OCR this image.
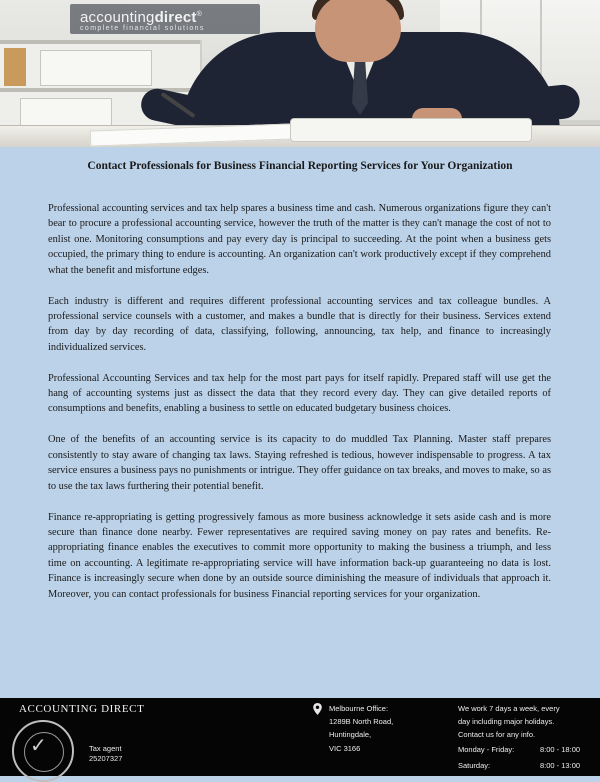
accountingdirect®
complete financial solutions
Contact Professionals for Business Financial Reporting Services for Your Organization

Professional accounting services and tax help spares a business time and cash. Numerous organizations figure they can't bear to procure a professional accounting service, however the truth of the matter is they can't manage the cost of not to enlist one. Monitoring consumptions and pay every day is principal to succeeding. At the point when a business gets occupied, the primary thing to endure is accounting. An organization can't work productively except if they comprehend what the benefit and misfortune edges.

Each industry is different and requires different professional accounting services and tax colleague bundles. A professional service counsels with a customer, and makes a bundle that is directly for their business. Services extend from day by day recording of data, classifying, following, announcing, tax help, and finance to increasingly individualized services.

Professional Accounting Services and tax help for the most part pays for itself rapidly. Prepared staff will use get the hang of accounting systems just as dissect the data that they record every day. They can give detailed reports of consumptions and benefits, enabling a business to settle on educated budgetary business choices.

One of the benefits of an accounting service is its capacity to do muddled Tax Planning. Master staff prepares consistently to stay aware of changing tax laws. Staying refreshed is tedious, however indispensable to progress. A tax service ensures a business pays no punishments or intrigue. They offer guidance on tax breaks, and moves to make, so as to use the tax laws furthering their potential benefit.

Finance re-appropriating is getting progressively famous as more business acknowledge it sets aside cash and is more secure than finance done nearby. Fewer representatives are required saving money on pay rates and benefits. Re-appropriating finance enables the executives to commit more opportunity to making the business a triumph, and less time on accounting. A legitimate re-appropriating service will have information back-up guaranteeing no data is lost. Finance is increasingly secure when done by an outside source diminishing the measure of individuals that approach it. Moreover, you can contact professionals for business Financial reporting services for your organization.

ACCOUNTING DIRECT
✓	Tax agent
25207327
Melbourne Office:
1289B North Road,
Huntingdale,
VIC 3166
We work 7 days a week, every
day including major holidays.
Contact us for any info.
Monday - Friday:	8:00 - 18:00
Saturday:	8:00 - 13:00
